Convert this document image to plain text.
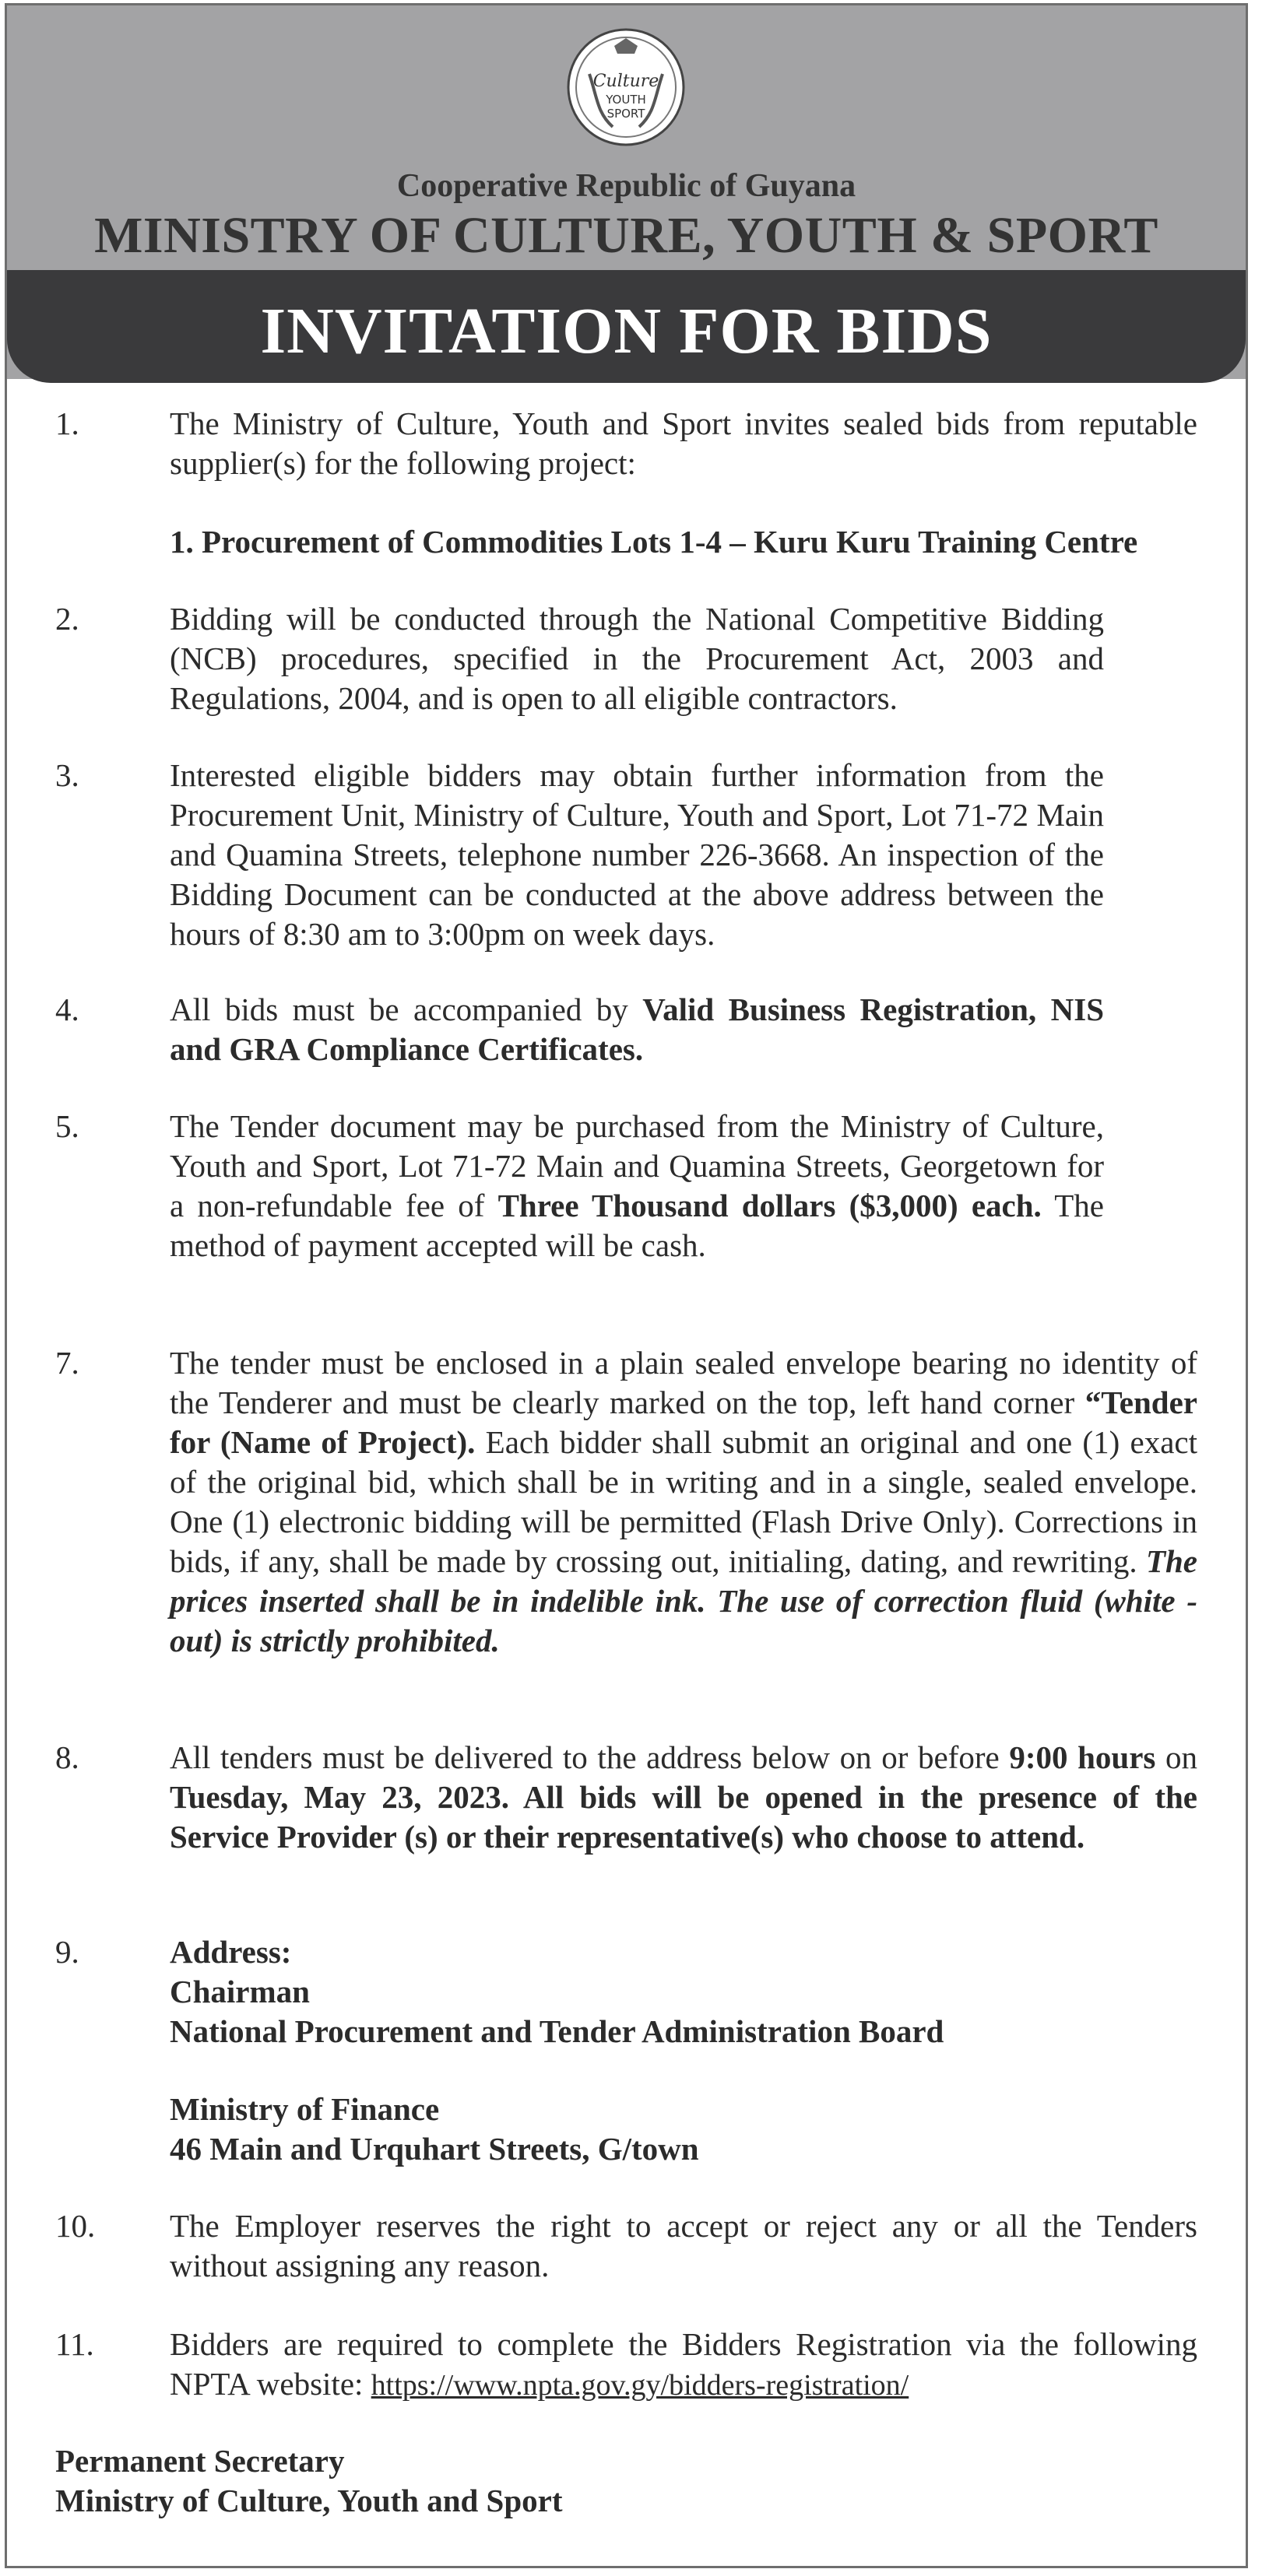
Culture
YOUTH
SPORT
Cooperative Republic of Guyana
MINISTRY OF CULTURE, YOUTH & SPORT
INVITATION FOR BIDS
1.	The Ministry of Culture, Youth and Sport invites sealed bids from reputable supplier(s) for the following project:
1. Procurement of Commodities Lots 1-4 – Kuru Kuru Training Centre
2.	Bidding will be conducted through the National Competitive Bidding (NCB) procedures, specified in the Procurement Act, 2003 and Regulations, 2004, and is open to all eligible contractors.
3.	Interested eligible bidders may obtain further information from the Procurement Unit, Ministry of Culture, Youth and Sport, Lot 71-72 Main and Quamina Streets, telephone number 226-3668. An inspection of the Bidding Document can be conducted at the above address between the hours of 8:30 am to 3:00pm on week days.
4.	All bids must be accompanied by Valid Business Registration, NIS and GRA Compliance Certificates.
5.	The Tender document may be purchased from the Ministry of Culture, Youth and Sport, Lot 71-72 Main and Quamina Streets, Georgetown for a non-refundable fee of Three Thousand dollars ($3,000) each. The method of payment accepted will be cash.
7.	The tender must be enclosed in a plain sealed envelope bearing no identity of the Tenderer and must be clearly marked on the top, left hand corner “Tender for (Name of Project). Each bidder shall submit an original and one (1) exact of the original bid, which shall be in writing and in a single, sealed envelope. One (1) electronic bidding will be permitted (Flash Drive Only). Corrections in bids, if any, shall be made by crossing out, initialing, dating, and rewriting. The prices inserted shall be in indelible ink. The use of correction fluid (white -out) is strictly prohibited.
8.	All tenders must be delivered to the address below on or before 9:00 hours on Tuesday, May 23, 2023. All bids will be opened in the presence of the Service Provider (s) or their representative(s) who choose to attend.
9.	Address:
Chairman
National Procurement and Tender Administration Board
Ministry of Finance
46 Main and Urquhart Streets, G/town
10. The Employer reserves the right to accept or reject any or all the Tenders without assigning any reason.
11. Bidders are required to complete the Bidders Registration via the following NPTA website: https://www.npta.gov.gy/bidders-registration/
Permanent Secretary
Ministry of Culture, Youth and Sport
